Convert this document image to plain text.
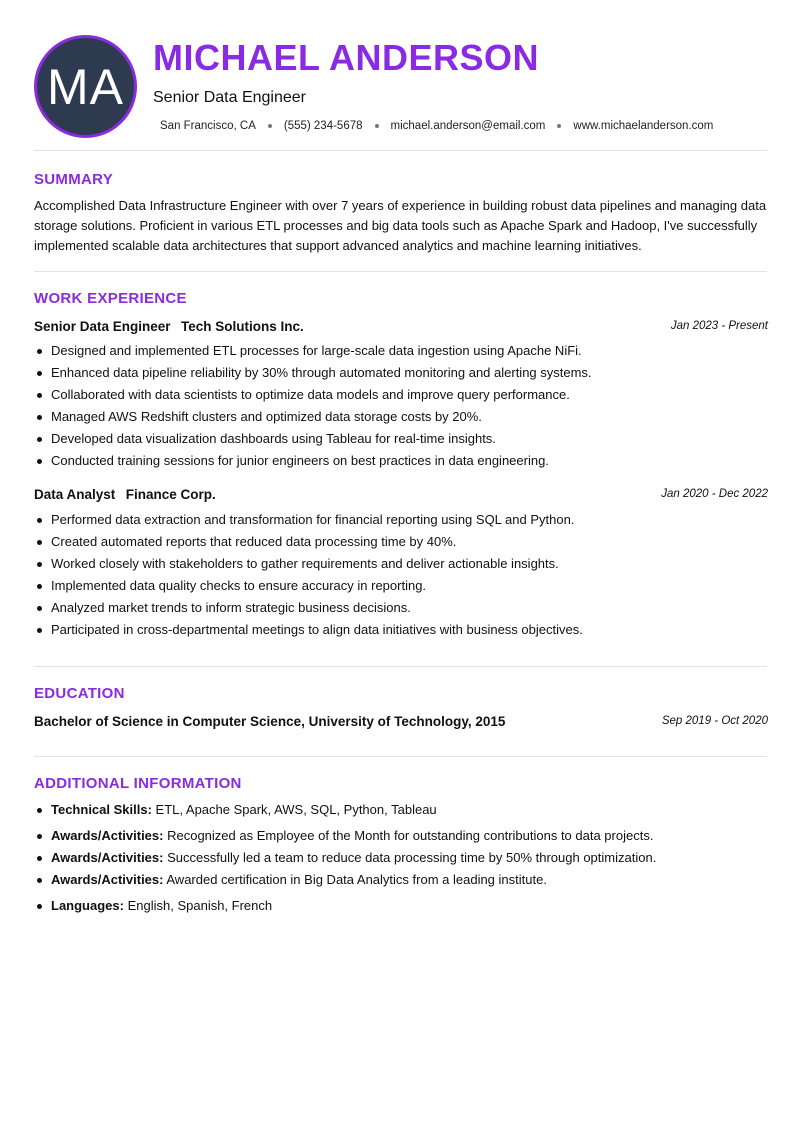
MA
MICHAEL ANDERSON
Senior Data Engineer
San Francisco, CA (555) 234-5678 michael.anderson@email.com www.michaelanderson.com
SUMMARY
Accomplished Data Infrastructure Engineer with over 7 years of experience in building robust data pipelines and managing data storage solutions. Proficient in various ETL processes and big data tools such as Apache Spark and Hadoop, I've successfully implemented scalable data architectures that support advanced analytics and machine learning initiatives.
WORK EXPERIENCE
Senior Data Engineer Tech Solutions Inc.	Jan 2023 - Present
Designed and implemented ETL processes for large-scale data ingestion using Apache NiFi.
Enhanced data pipeline reliability by 30% through automated monitoring and alerting systems.
Collaborated with data scientists to optimize data models and improve query performance.
Managed AWS Redshift clusters and optimized data storage costs by 20%.
Developed data visualization dashboards using Tableau for real-time insights.
Conducted training sessions for junior engineers on best practices in data engineering.
Data Analyst Finance Corp.	Jan 2020 - Dec 2022
Performed data extraction and transformation for financial reporting using SQL and Python.
Created automated reports that reduced data processing time by 40%.
Worked closely with stakeholders to gather requirements and deliver actionable insights.
Implemented data quality checks to ensure accuracy in reporting.
Analyzed market trends to inform strategic business decisions.
Participated in cross-departmental meetings to align data initiatives with business objectives.
EDUCATION
Bachelor of Science in Computer Science, University of Technology, 2015	Sep 2019 - Oct 2020
ADDITIONAL INFORMATION
Technical Skills: ETL, Apache Spark, AWS, SQL, Python, Tableau
Awards/Activities: Recognized as Employee of the Month for outstanding contributions to data projects.
Awards/Activities: Successfully led a team to reduce data processing time by 50% through optimization.
Awards/Activities: Awarded certification in Big Data Analytics from a leading institute.
Languages: English, Spanish, French
